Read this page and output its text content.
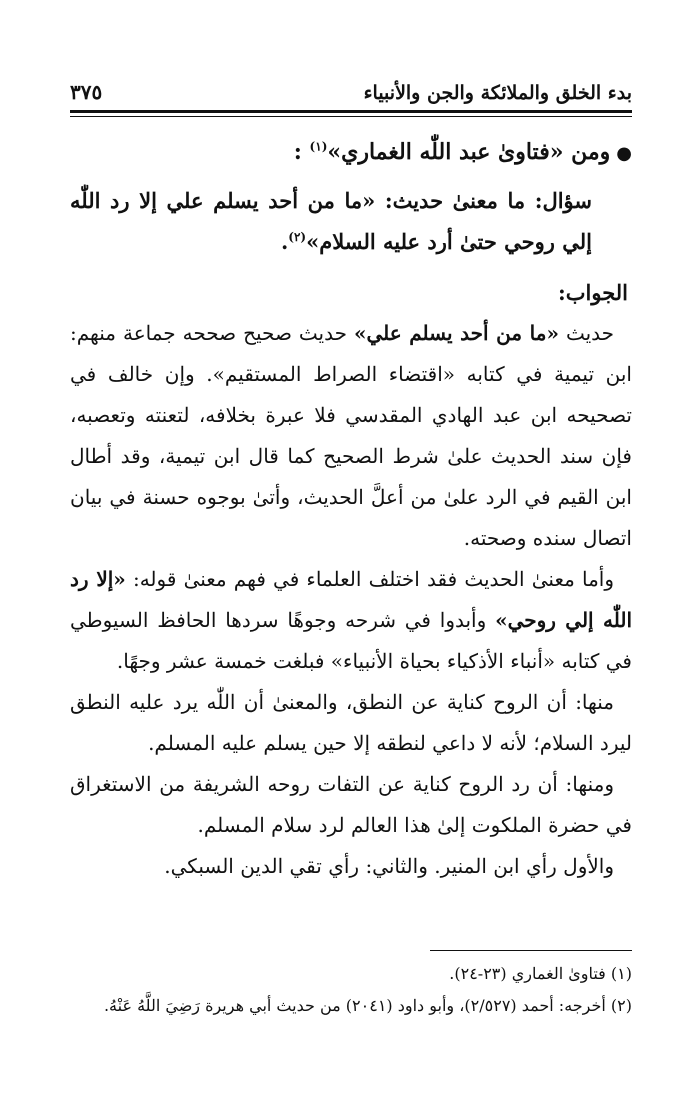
بدء الخلق والملائكة والجن والأنبياء
٣٧٥

●ومن «فتاوىٰ عبد اللّٰه الغماري»$^{(١)}$ :

سؤال: ما معنىٰ حديث: «ما من أحد يسلم علي إلا رد اللّٰه إلي روحي حتىٰ أرد عليه السلام»$^{(٢)}$.

الجواب:

حديث «ما من أحد يسلم علي» حديث صحيح صححه جماعة منهم: ابن تيمية في كتابه «اقتضاء الصراط المستقيم». وإن خالف في تصحيحه ابن عبد الهادي المقدسي فلا عبرة بخلافه، لتعنته وتعصبه، فإن سند الحديث علىٰ شرط الصحيح كما قال ابن تيمية، وقد أطال ابن القيم في الرد علىٰ من أعلَّ الحديث، وأتىٰ بوجوه حسنة في بيان اتصال سنده وصحته.

وأما معنىٰ الحديث فقد اختلف العلماء في فهم معنىٰ قوله: «إلا رد اللّٰه إلي روحي» وأبدوا في شرحه وجوهًا سردها الحافظ السيوطي في كتابه «أنباء الأذكياء بحياة الأنبياء» فبلغت خمسة عشر وجهًا.

منها: أن الروح كناية عن النطق، والمعنىٰ أن اللّٰه يرد عليه النطق ليرد السلام؛ لأنه لا داعي لنطقه إلا حين يسلم عليه المسلم.

ومنها: أن رد الروح كناية عن التفات روحه الشريفة من الاستغراق في حضرة الملكوت إلىٰ هذا العالم لرد سلام المسلم.

والأول رأي ابن المنير. والثاني: رأي تقي الدين السبكي.

(١) فتاوىٰ الغماري (٢٣-٢٤).

(٢) أخرجه: أحمد (٢/٥٢٧)، وأبو داود (٢٠٤١) من حديث أبي هريرة رَضِيَ اللَّهُ عَنْهُ.
